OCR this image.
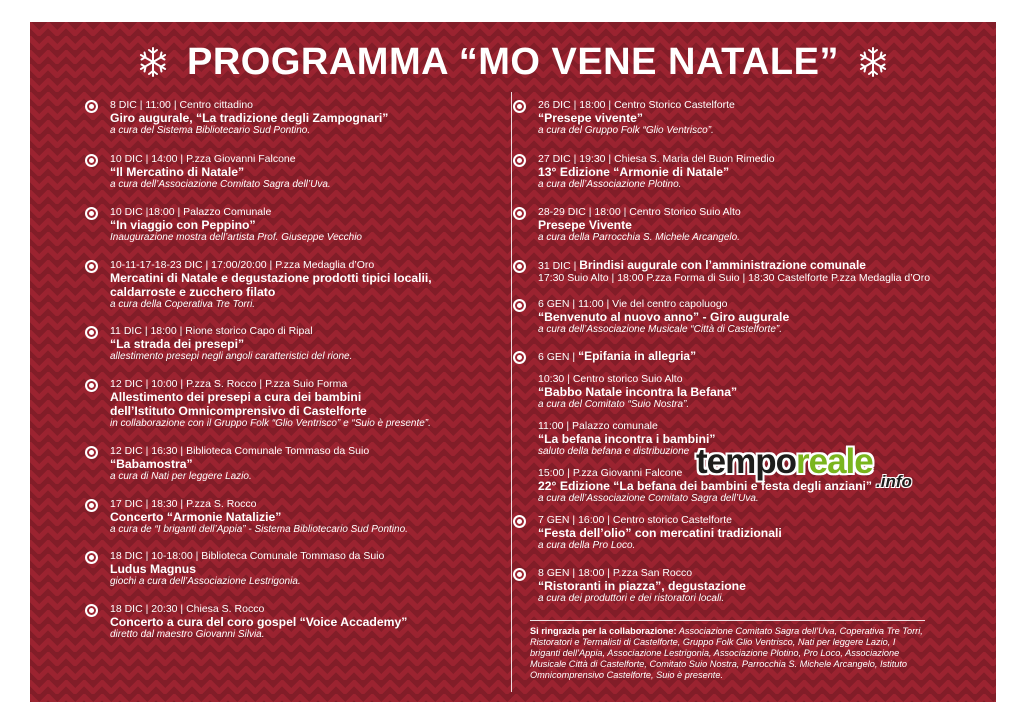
PROGRAMMA “MO VENE NATALE”
8 DIC | 11:00 | Centro cittadino
Giro augurale, “La tradizione degli Zampognari”
a cura del Sistema Bibliotecario Sud Pontino.
10 DIC | 14:00 | P.zza Giovanni Falcone
“Il Mercatino di Natale”
a cura dell’Associazione Comitato Sagra dell’Uva.
10 DIC |18:00 | Palazzo Comunale
“In viaggio con Peppino”
Inaugurazione mostra dell’artista Prof. Giuseppe Vecchio
10-11-17-18-23 DIC | 17:00/20:00 | P.zza Medaglia d’Oro
Mercatini di Natale e degustazione prodotti tipici localii,
caldarroste e zucchero filato
a cura della Coperativa Tre Torri.
11 DIC | 18:00 | Rione storico Capo di Ripal
“La strada dei presepi”
allestimento presepi negli angoli caratteristici del rione.
12 DIC | 10:00 | P.zza S. Rocco | P.zza Suio Forma
Allestimento dei presepi a cura dei bambini
dell’Istituto Omnicomprensivo di Castelforte
in collaborazione con il Gruppo Folk “Glio Ventrisco” e “Suio è presente”.
12 DIC | 16:30 | Biblioteca Comunale Tommaso da Suio
“Babamostra”
a cura di Nati per leggere Lazio.
17 DIC | 18:30 | P.zza S. Rocco
Concerto “Armonie Natalizie”
a cura de “I briganti dell’Appia” - Sistema Bibliotecario Sud Pontino.
18 DIC | 10-18:00 | Biblioteca Comunale Tommaso da Suio
Ludus Magnus
giochi a cura dell’Associazione Lestrigonia.
18 DIC | 20:30 | Chiesa S. Rocco
Concerto a cura del coro gospel “Voice Accademy”
diretto dal maestro Giovanni Silvia.
26 DIC | 18:00 | Centro Storico Castelforte
“Presepe vivente”
a cura del Gruppo Folk “Glio Ventrisco”.
27 DIC | 19:30 | Chiesa S. Maria del Buon Rimedio
13° Edizione “Armonie di Natale”
a cura dell’Associazione Plotino.
28-29 DIC | 18:00 | Centro Storico Suio Alto
Presepe Vivente
a cura della Parrocchia S. Michele Arcangelo.
31 DIC | Brindisi augurale con l’amministrazione comunale
17:30 Suio Alto | 18:00 P.zza Forma di Suio | 18:30 Castelforte P.zza Medaglia d’Oro
6 GEN | 11:00 | Vie del centro capoluogo
“Benvenuto al nuovo anno” - Giro augurale
a cura dell’Associazione Musicale “Città di Castelforte”.
6 GEN | “Epifania in allegria”
10:30 | Centro storico Suio Alto
“Babbo Natale incontra la Befana”
a cura del Comitato “Suio Nostra”.
11:00 | Palazzo comunale
“La befana incontra i bambini”
saluto della befana e distribuzione
15:00 | P.zza Giovanni Falcone
22° Edizione “La befana dei bambini e festa degli anziani”
a cura dell’Associazione Comitato Sagra dell’Uva.
7 GEN | 16:00 | Centro storico Castelforte
“Festa dell’olio” con mercatini tradizionali
a cura della Pro Loco.
8 GEN | 18:00 | P.zza San Rocco
“Ristoranti in piazza”, degustazione
a cura dei produttori e dei ristoratori locali.
Si ringrazia per la collaborazione: Associazione Comitato Sagra dell’Uva, Coperativa Tre Torri, Ristoratori e Termalisti di Castelforte, Gruppo Folk Glio Ventrisco, Nati per leggere Lazio, I briganti dell’Appia, Associazione Lestrigonia, Associazione Plotino, Pro Loco, Associazione Musicale Città di Castelforte, Comitato Suio Nostra, Parrocchia S. Michele Arcangelo, Istituto Omnicomprensivo Castelforte, Suio è presente.
temporeale
.info
